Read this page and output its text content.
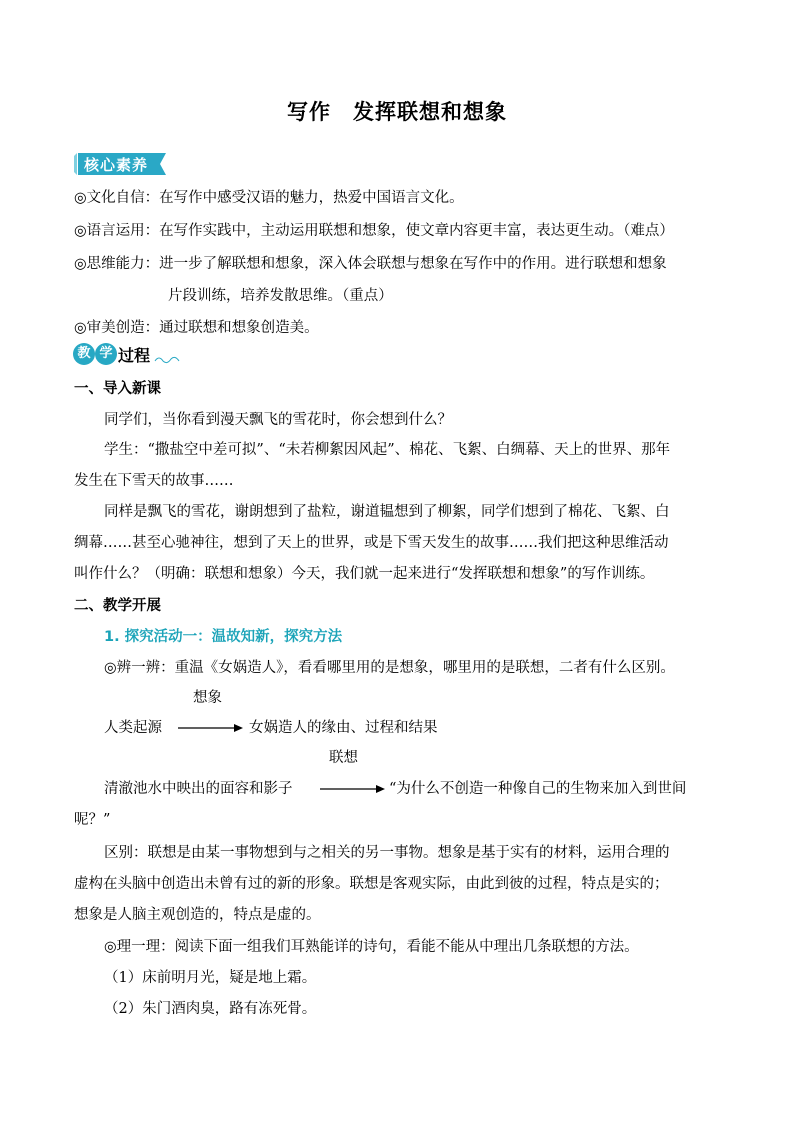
写作 发挥联想和想象
核心素养
◎文化自信：在写作中感受汉语的魅力，热爱中国语言文化。
◎语言运用：在写作实践中，主动运用联想和想象，使文章内容更丰富，表达更生动。（难点）
◎思维能力：进一步了解联想和想象，深入体会联想与想象在写作中的作用。进行联想和想象
片段训练，培养发散思维。（重点）
◎审美创造：通过联想和想象创造美。
教 学 过程
一、导入新课
同学们，当你看到漫天飘飞的雪花时，你会想到什么？
学生：“撒盐空中差可拟”、“未若柳絮因风起”、棉花、飞絮、白绸幕、天上的世界、那年
发生在下雪天的故事……
同样是飘飞的雪花，谢朗想到了盐粒，谢道韫想到了柳絮，同学们想到了棉花、飞絮、白
绸幕……甚至心驰神往，想到了天上的世界，或是下雪天发生的故事……我们把这种思维活动
叫作什么？（明确：联想和想象）今天，我们就一起来进行“发挥联想和想象”的写作训练。
二、教学开展
1. 探究活动一：温故知新，探究方法
◎辨一辨：重温《女娲造人》，看看哪里用的是想象，哪里用的是联想，二者有什么区别。
想象
人类起源	女娲造人的缘由、过程和结果
联想
清澈池水中映出的面容和影子	“为什么不创造一种像自己的生物来加入到世间
呢？”
区别：联想是由某一事物想到与之相关的另一事物。想象是基于实有的材料，运用合理的
虚构在头脑中创造出未曾有过的新的形象。联想是客观实际，由此到彼的过程，特点是实的；
想象是人脑主观创造的，特点是虚的。
◎理一理：阅读下面一组我们耳熟能详的诗句，看能不能从中理出几条联想的方法。
（1）床前明月光，疑是地上霜。
（2）朱门酒肉臭，路有冻死骨。
